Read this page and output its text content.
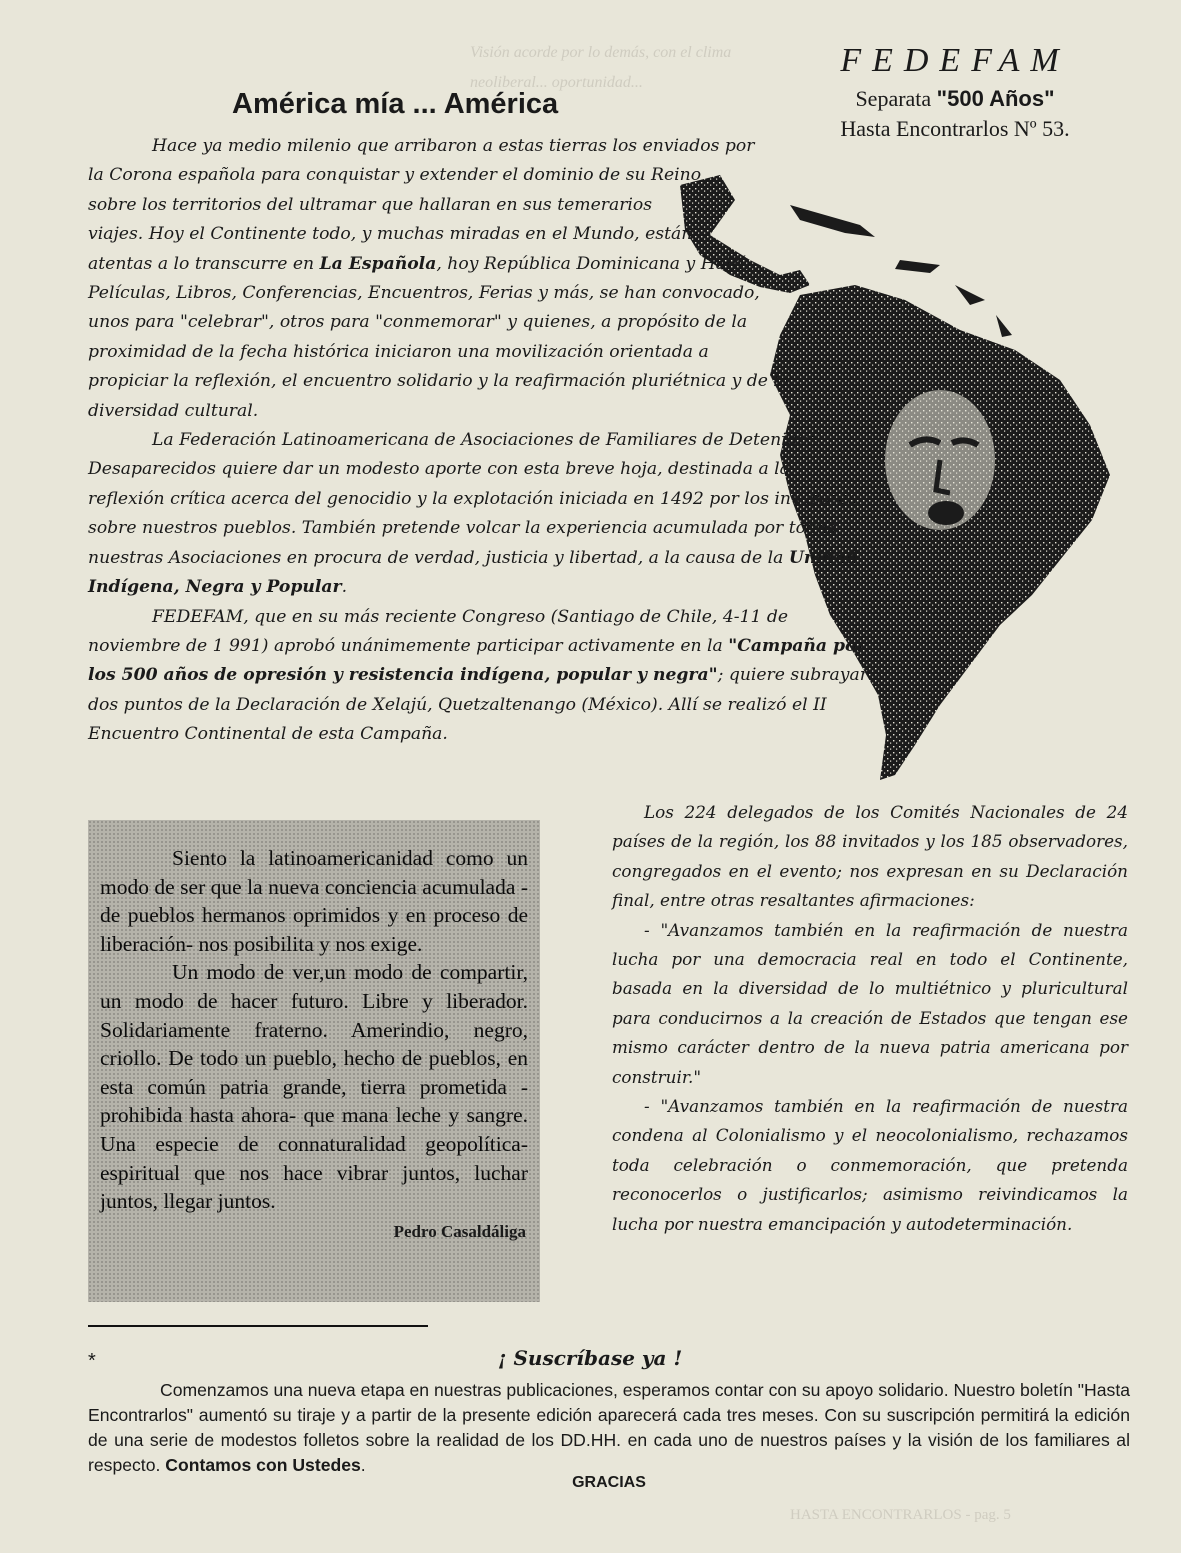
Visión acorde por lo demás, con el clima neoliberal... oportunidad...
HASTA ENCONTRARLOS - pag. 5
FEDEFAM
Separata "500 Años"
Hasta Encontrarlos Nº 53.
América mía ... América

Hace ya medio milenio que arribaron a estas tierras los enviados por la Corona española para conquistar y extender el dominio de su Reino sobre los territorios del ultramar que hallaran en sus temerarios viajes. Hoy el Continente todo, y muchas miradas en el Mundo, están atentas a lo transcurre en La Española, hoy República Dominicana y Haití. Películas, Libros, Conferencias, Encuentros, Ferias y más, se han convocado, unos para "celebrar", otros para "conmemorar" y quienes, a propósito de la proximidad de la fecha histórica iniciaron una movilización orientada a propiciar la reflexión, el encuentro solidario y la reafirmación pluriétnica y de la diversidad cultural.

La Federación Latinoamericana de Asociaciones de Familiares de Detenidos Desaparecidos quiere dar un modesto aporte con esta breve hoja, destinada a la reflexión crítica acerca del genocidio y la explotación iniciada en 1492 por los invasores sobre nuestros pueblos. También pretende volcar la experiencia acumulada por todas nuestras Asociaciones en procura de verdad, justicia y libertad, a la causa de la Unidad Indígena, Negra y Popular.

FEDEFAM, que en su más reciente Congreso (Santiago de Chile, 4-11 de noviembre de 1 991) aprobó unánimemente participar activamente en la "Campaña por los 500 años de opresión y resistencia indígena, popular y negra"; quiere subrayar dos puntos de la Declaración de Xelajú, Quetzaltenango (México). Allí se realizó el II Encuentro Continental de esta Campaña.

Siento la latinoamericanidad como un modo de ser que la nueva conciencia acumulada -de pueblos hermanos oprimidos y en proceso de liberación- nos posibilita y nos exige.

Un modo de ver,un modo de compartir, un modo de hacer futuro. Libre y liberador. Solidariamente fraterno. Amerindio, negro, criollo. De todo un pueblo, hecho de pueblos, en esta común patria grande, tierra prometida -prohibida hasta ahora- que mana leche y sangre. Una especie de connaturalidad geopolítica-espiritual que nos hace vibrar juntos, luchar juntos, llegar juntos.

Pedro Casaldáliga

Los 224 delegados de los Comités Nacionales de 24 países de la región, los 88 invitados y los 185 observadores, congregados en el evento; nos expresan en su Declaración final, entre otras resaltantes afirmaciones:

- "Avanzamos también en la reafirmación de nuestra lucha por una democracia real en todo el Continente, basada en la diversidad de lo multiétnico y pluricultural para conducirnos a la creación de Estados que tengan ese mismo carácter dentro de la nueva patria americana por construir."

- "Avanzamos también en la reafirmación de nuestra condena al Colonialismo y el neocolonialismo, rechazamos toda celebración o conmemoración, que pretenda reconocerlos o justificarlos; asimismo reivindicamos la lucha por nuestra emancipación y autodeterminación.

*	¡ Suscríbase ya !

Comenzamos una nueva etapa en nuestras publicaciones, esperamos contar con su apoyo solidario. Nuestro boletín "Hasta Encontrarlos" aumentó su tiraje y a partir de la presente edición aparecerá cada tres meses. Con su suscripción permitirá la edición de una serie de modestos folletos sobre la realidad de los DD.HH. en cada uno de nuestros países y la visión de los familiares al respecto. Contamos con Ustedes.

GRACIAS
